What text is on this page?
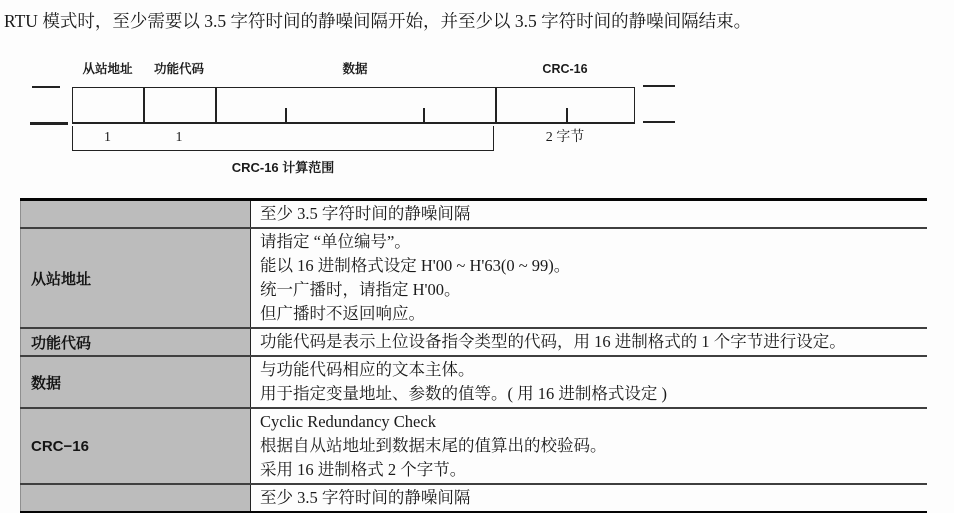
RTU 模式时，至少需要以 3.5 字符时间的静噪间隔开始，并至少以 3.5 字符时间的静噪间隔结束。

从站地址
1
功能代码
1
数据	CRC-16
2 字节
CRC-16 计算范围

	至少 3.5 字符时间的静噪间隔

从站地址	请指定 “单位编号”。
能以 16 进制格式设定 H'00 ~ H'63(0 ~ 99)。
统一广播时，请指定 H'00。
但广播时不返回响应。

功能代码	功能代码是表示上位设备指令类型的代码，用 16 进制格式的 1 个字节进行设定。

数据	与功能代码相应的文本主体。
用于指定变量地址、参数的值等。( 用 16 进制格式设定 )

CRC−16	Cyclic Redundancy Check
根据自从站地址到数据末尾的值算出的校验码。
采用 16 进制格式 2 个字节。

	至少 3.5 字符时间的静噪间隔
